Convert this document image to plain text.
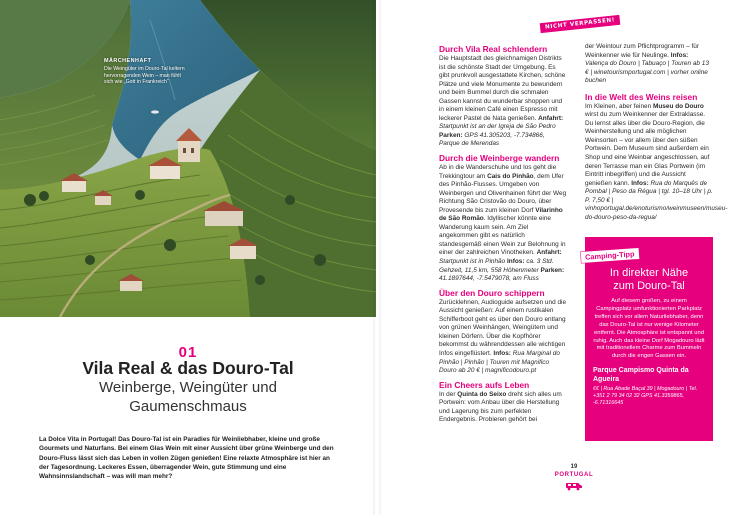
MÄRCHENHAFT
Die Weingüter im Douro-Tal keltern hervorragenden Wein – man fühlt sich wie „Gott in Frankreich“
01
Vila Real & das Douro-Tal
Weinberge, Weingüter und
Gaumenschmaus

La Dolce Vita in Portugal! Das Douro-Tal ist ein Paradies für Weinliebhaber, kleine und große Gourmets und Naturfans. Bei einem Glas Wein mit einer Aussicht über grüne Weinberge und den Douro-Fluss lässt sich das Leben in vollen Zügen genießen! Eine relaxte Atmosphäre ist hier an der Tagesordnung. Leckeres Essen, überragender Wein, gute Stimmung und eine Wahnsinnslandschaft – was will man mehr?

NICHT VERPASSEN!
Durch Vila Real schlendern

Die Hauptstadt des gleichnamigen Distrikts ist die schönste Stadt der Umgebung. Es gibt prunkvoll ausgestattete Kirchen, schöne Plätze und viele Monumente zu bewundern und beim Bummel durch die schmalen Gassen kannst du wunderbar shoppen und in einem kleinen Café einen Espresso mit leckerer Pastel de Nata genießen. Anfahrt: Startpunkt ist an der Igreja de São Pedro Parken: GPS 41.305203, -7.734866, Parque de Merendas

Durch die Weinberge wandern

Ab in die Wanderschuhe und los geht die Trekkingtour am Cais do Pinhão, dem Ufer des Pinhão-Flusses. Umgeben von Weinbergen und Olivenhainen führt der Weg Richtung São Cristovão do Douro, über Provesende bis zum kleinen Dorf Vilarinho de São Romão. Idyllischer könnte eine Wanderung kaum sein. Am Ziel angekommen gibt es natürlich standesgemäß einen Wein zur Belohnung in einer der zahlreichen Vinotheken. Anfahrt: Startpunkt ist in Pinhão Infos: ca. 3 Std. Gehzeit, 11,5 km, 558 Höhenmeter Parken: 41.1897644, -7.5479078, am Fluss

Über den Douro schippern

Zurücklehnen, Audioguide aufsetzen und die Aussicht genießen: Auf einem rustikalen Schifferboot geht es über den Douro entlang von grünen Weinhängen, Weingütern und kleinen Dörfern. Über die Kopfhörer bekommst du währenddessen alle wichtigen Infos eingeflüstert. Infos: Rua Marginal do Pinhão | Pinhão | Touren mit Magnifico Douro ab 20 € | magnificodouro.pt

Ein Cheers aufs Leben

In der Quinta do Seixo dreht sich alles um Portwein: vom Anbau über die Herstellung und Lagerung bis zum perfekten Endergebnis. Probieren gehört bei

der Weintour zum Pflichtprogramm – für Weinkenner wie für Neulinge. Infos: Valença do Douro | Tabuaço | Touren ab 13 € | winetourismportugal.com | vorher online buchen

In die Welt des Weins reisen

Im Kleinen, aber feinen Museu do Douro wirst du zum Weinkenner der Extraklasse. Du lernst alles über die Douro-Region, die Weinherstellung und alle möglichen Weinsorten – vor allem über den süßen Portwein. Dem Museum sind außerdem ein Shop und eine Weinbar angeschlossen, auf deren Terrasse man ein Glas Portwein (im Eintritt inbegriffen) und die Aussicht genießen kann. Infos: Rua do Marquês de Pombal | Peso da Régua | tgl. 10–18 Uhr | p. P. 7,50 € | vinhoportugal.de/enoturismo/weinmuseen/museu-do-douro-peso-da-regua/

Camping-Tipp
In direkter Nähe
zum Douro-Tal

Auf diesem großen, zu einem Campingplatz umfunktionierten Parkplatz treffen sich vor allem Naturliebhaber, denn das Douro-Tal ist nur wenige Kilometer entfernt. Die Atmosphäre ist entspannt und ruhig. Auch das kleine Dorf Mogadouro lädt mit traditionellem Charme zum Bummeln durch die engen Gassen ein.

Parque Campismo Quinta da Agueira

€€ | Rua Abade Baçal 39 | Mogadouro | Tel. +351 2 79 34 02 32 GPS 41.3359865, -6.71316645

19
PORTUGAL
